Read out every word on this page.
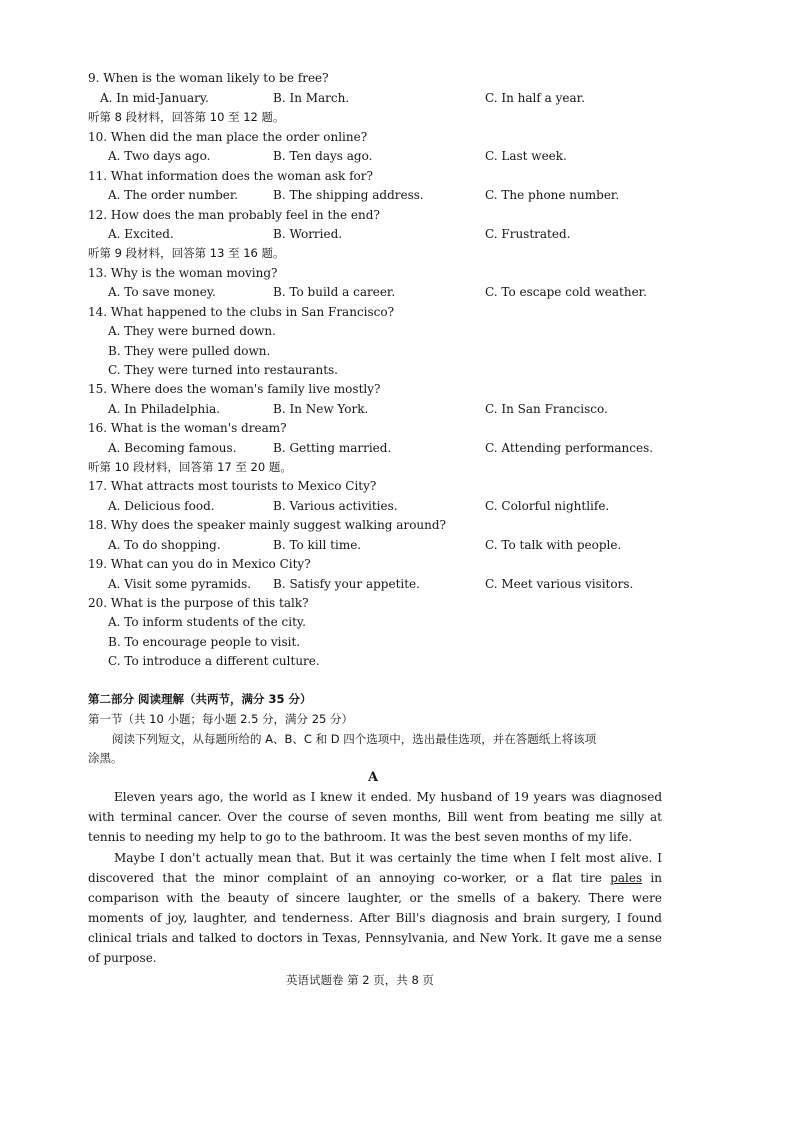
9. When is the woman likely to be free?
A. In mid-January.	B. In March.	C. In half a year.
听第 8 段材料，回答第 10 至 12 题。
10. When did the man place the order online?
A. Two days ago.	B. Ten days ago.	C. Last week.
11. What information does the woman ask for?
A. The order number.	B. The shipping address.	C. The phone number.
12. How does the man probably feel in the end?
A. Excited.	B. Worried.	C. Frustrated.
听第 9 段材料，回答第 13 至 16 题。
13. Why is the woman moving?
A. To save money.	B. To build a career.	C. To escape cold weather.
14. What happened to the clubs in San Francisco?
A. They were burned down.
B. They were pulled down.
C. They were turned into restaurants.
15. Where does the woman's family live mostly?
A. In Philadelphia.	B. In New York.	C. In San Francisco.
16. What is the woman's dream?
A. Becoming famous.	B. Getting married.	C. Attending performances.
听第 10 段材料，回答第 17 至 20 题。
17. What attracts most tourists to Mexico City?
A. Delicious food.	B. Various activities.	C. Colorful nightlife.
18. Why does the speaker mainly suggest walking around?
A. To do shopping.	B. To kill time.	C. To talk with people.
19. What can you do in Mexico City?
A. Visit some pyramids. B. Satisfy your appetite.	C. Meet various visitors.
20. What is the purpose of this talk?
A. To inform students of the city.
B. To encourage people to visit.
C. To introduce a different culture.
第二部分 阅读理解（共两节，满分 35 分）
第一节（共 10 小题；每小题 2.5 分，满分 25 分）
阅读下列短文，从每题所给的 A、B、C 和 D 四个选项中，选出最佳选项，并在答题纸上将该项
涂黑。
A

Eleven years ago, the world as I knew it ended. My husband of 19 years was diagnosed with terminal cancer. Over the course of seven months, Bill went from beating me silly at tennis to needing my help to go to the bathroom. It was the best seven months of my life.

Maybe I don't actually mean that. But it was certainly the time when I felt most alive. I discovered that the minor complaint of an annoying co-worker, or a flat tire pales in comparison with the beauty of sincere laughter, or the smells of a bakery. There were moments of joy, laughter, and tenderness. After Bill's diagnosis and brain surgery, I found clinical trials and talked to doctors in Texas, Pennsylvania, and New York. It gave me a sense of purpose.

英语试题卷 第 2 页，共 8 页
